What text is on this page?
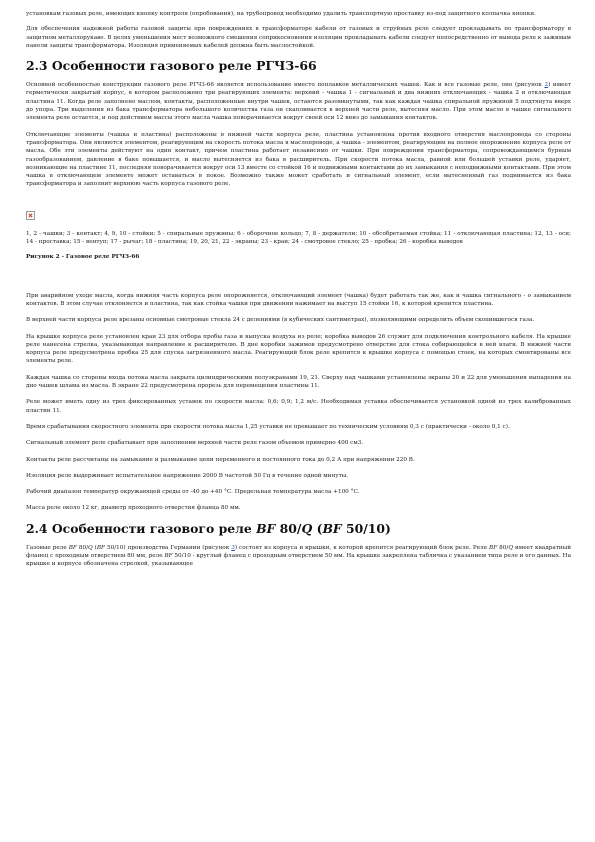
установкам газовых реле, имеющих кнопку контроля (опробования), на трубопровод необходимо удалить транспортную проставку из-под защитного колпачка кнопки.

Для обеспечения надежной работы газовой защиты при повреждениях в трансформаторе кабели от газовых и струйных реле следует прокладывать по трансформатору в защитном металлорукаве. В целях уменьшения мест возможного смешения соприкосновения изоляции прокладывать кабели следует непосредственно от вывода реле к зажимам панели защиты трансформатора. Изоляция применяемых кабелей должна быть маслостойкой.

2.3 Особенности газового реле РГЧЗ-66

Основной особенностью конструкции газового реле РГЧЗ-66 является использование вместо поплавков металлических чашек. Как и все газовые реле, оно (рисунок 2) имеет герметически закрытый корпус, в котором расположено три реагирующих элемента: верхний - чашка 1 - сигнальный и два нижних отключающих - чашка 2 и отключающая пластина 11. Когда реле заполнено маслом, контакты, расположенные внутри чашек, остаются разомкнутыми, так как каждая чашка спиральной пружиной 5 подтянута вверх до упора. Три выделения из бака трансформатора небольшого количества газа он скапливается в верхней части реле, вытесняя масло. При этом масло в чашке сигнального элемента реле остается, и под действием массы этого масла чашка поворачивается вокруг своей оси 12 вниз до замыкания контактов.

Отключающие элементы (чашка и пластина) расположены в нижней части корпуса реле, пластина установлена против входного отверстия маслопровода со стороны трансформатора. Они являются элементом, реагирующим на скорость потока масла в маслопроводе, а чашка - элементом, реагирующим на полное опорожнение корпуса реле от масла. Обе эти элементы действуют на один контакт, причем пластина работает независимо от чашки. При повреждении трансформатора, сопровождающимся бурным газообразованием, давление в баке повышается, и масло вытесняется из бака в расширитель. При скорости потока масла, равной или большей уставки реле, ударяет, возникающие на пластине 11, последняя поворачивается вокруг оси 13 вместе со стойкой 16 и подвижными контактами до их замыкания с неподвижными контактами. При этом чашка в отключающем элементе может оставаться в покое. Возможно также может сработать и сигнальный элемент, если вытесненный газ поднимается из бака трансформатора и заполнит верхнюю часть корпуса газового реле.

1, 2 - чашки; 3 - контакт; 4, 9, 10 - стойки; 5 - спиральные пружины; 6 - оборочное кольцо; 7, 8 - держатели; 10 - обсобретаемая стойка; 11 - отключающая пластина; 12, 13 - оси; 14 - проставка; 15 - вентуп; 17 - рычаг; 18 - пластина; 19, 20, 21, 22 - экраны; 23 - кран; 24 - смотровое стекло; 25 - пробка; 26 - коробка выводов

Рисунок 2 - Газовое реле РГЧЗ-66

При аварийном уходе масла, когда нижняя часть корпуса реле опорожняется, отключающий элемент (чашка) будет работать так же, как и чашка сигнального - о замыканием контактов. В этом случае отклоняется и пластина, так как стойка чашки при движении нажимает на выступ 15 стойки 16, к которой крепится пластина.

В верхней части корпуса реле врезаны основные смотровые стекла 24 с делениями (в кубических сантиметрах), позволяющими определить объем скопившегося газа.

На крышке корпуса реле установлен кран 23 для отбора пробы газа и выпуска воздуха из реле; коробка выводов 26 служит для подключения контрольного кабеля. На крышке реле нанесена стрелка, указывающая направление к расширителю. В дне коробки зажимов предусмотрено отверстие для стока собирающейся в ней влаги. В нижней части корпуса реле предусмотрена пробка 25 для спуска загрязненного масла. Реагирующий блок реле крепится к крышке корпуса с помощью стоек, на которых смонтированы все элементы реле.

Каждая чашка со стороны входа потока масла закрыта цилиндрическими полуэкранами 19, 21. Сверху над чашками установлены экраны 20 и 22 для уменьшения выпадения на дно чашек шлама из масла. В экране 22 предусмотрена прорезь для перемещения пластины 11.

Реле может иметь одну из трех фиксированных уставок по скорости масла: 0,6; 0,9; 1,2 м/с. Необходимая уставка обеспечивается установкой одной из трех калиброванных пластин 11.

Время срабатывания скоростного элемента при скорости потока масла 1,25 уставки не превышает по техническим условиям 0,3 с (практически - около 0,1 с).

Сигнальный элемент реле срабатывает при заполнении верхней части реле газом объемом примерно 400 см3.

Контакты реле рассчитаны на замыкание и размыкание цепи переменного и постоянного тока до 0,2 А при напряжении 220 В.

Изоляция реле выдерживает испытательное напряжение 2000 В частотой 50 Гц в течение одной минуты.

Рабочий диапазон температур окружающей среды от -40 до +40 °С. Предельная температура масла +100 °С.

Масса реле около 12 кг, диаметр проходного отверстия фланца 80 мм.

2.4 Особенности газового реле BF 80/Q (BF 50/10)

Газовые реле BF 80/Q (BF 50/10) производства Германии (рисунок 3) состоят из корпуса и крышки, к которой крепится реагирующий блок реле. Реле BF 80/Q имеет квадратный фланец с проходным отверстием 80 мм, реле BF 50/10 - круглый фланец с проходным отверстием 50 мм. На крышке закреплена табличка с указанием типа реле и его данных. На крышке и корпусе обозначена стрелкой, указывающее
